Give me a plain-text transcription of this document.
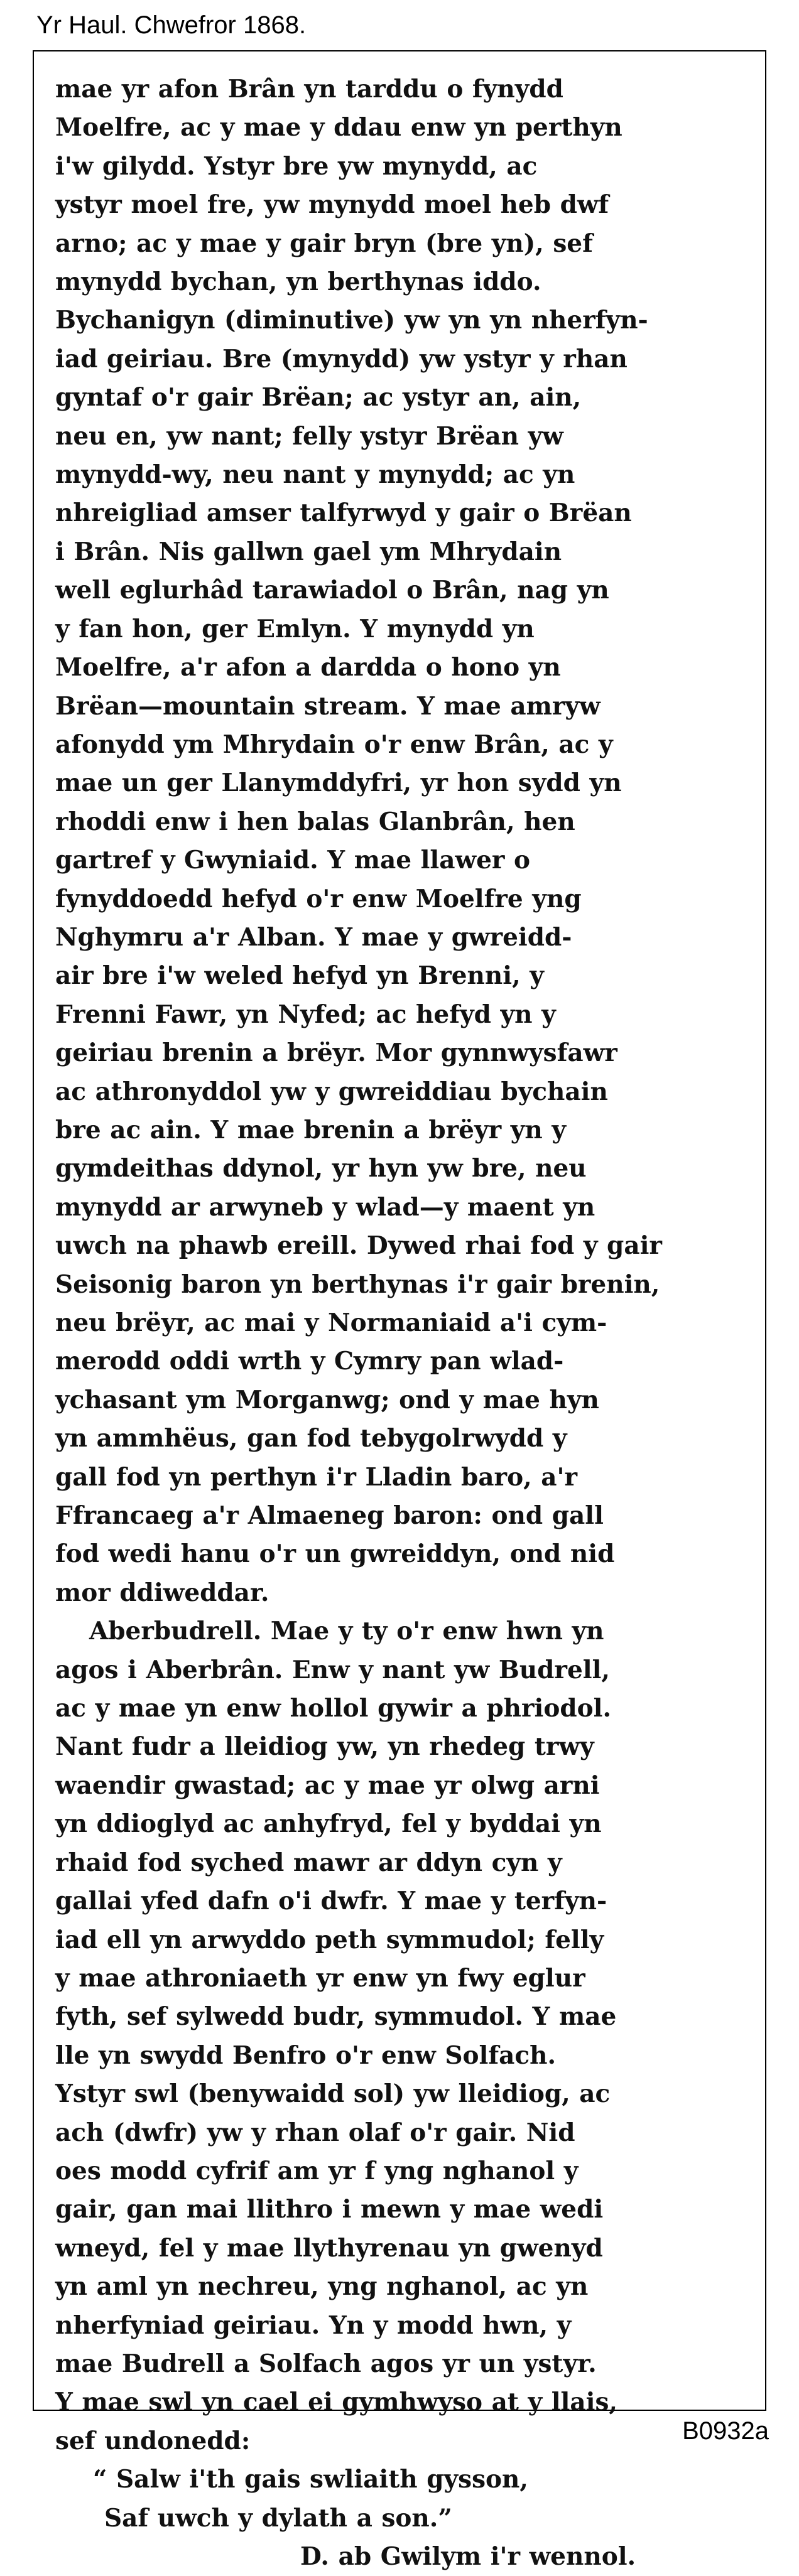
Yr Haul. Chwefror 1868.
mae yr afon Brân yn tarddu o fynydd
Moelfre, ac y mae y ddau enw yn perthyn
i'w gilydd. Ystyr bre yw mynydd, ac
ystyr moel fre, yw mynydd moel heb dwf
arno; ac y mae y gair bryn (bre yn), sef
mynydd bychan, yn berthynas iddo.
Bychanigyn (diminutive) yw yn yn nherfyn-
iad geiriau. Bre (mynydd) yw ystyr y rhan
gyntaf o'r gair Brëan; ac ystyr an, ain,
neu en, yw nant; felly ystyr Brëan yw
mynydd-wy, neu nant y mynydd; ac yn
nhreigliad amser talfyrwyd y gair o Brëan
i Brân. Nis gallwn gael ym Mhrydain
well eglurhâd tarawiadol o Brân, nag yn
y fan hon, ger Emlyn. Y mynydd yn
Moelfre, a'r afon a dardda o hono yn
Brëan—mountain stream. Y mae amryw
afonydd ym Mhrydain o'r enw Brân, ac y
mae un ger Llanymddyfri, yr hon sydd yn
rhoddi enw i hen balas Glanbrân, hen
gartref y Gwyniaid. Y mae llawer o
fynyddoedd hefyd o'r enw Moelfre yng
Nghymru a'r Alban. Y mae y gwreidd-
air bre i'w weled hefyd yn Brenni, y
Frenni Fawr, yn Nyfed; ac hefyd yn y
geiriau brenin a brëyr. Mor gynnwysfawr
ac athronyddol yw y gwreiddiau bychain
bre ac ain. Y mae brenin a brëyr yn y
gymdeithas ddynol, yr hyn yw bre, neu
mynydd ar arwyneb y wlad—y maent yn
uwch na phawb ereill. Dywed rhai fod y gair
Seisonig baron yn berthynas i'r gair brenin,
neu brëyr, ac mai y Normaniaid a'i cym-
merodd oddi wrth y Cymry pan wlad-
ychasant ym Morganwg; ond y mae hyn
yn ammhëus, gan fod tebygolrwydd y
gall fod yn perthyn i'r Lladin baro, a'r
Ffrancaeg a'r Almaeneg baron: ond gall
fod wedi hanu o'r un gwreiddyn, ond nid
mor ddiweddar.
Aberbudrell. Mae y ty o'r enw hwn yn
agos i Aberbrân. Enw y nant yw Budrell,
ac y mae yn enw hollol gywir a phriodol.
Nant fudr a lleidiog yw, yn rhedeg trwy
waendir gwastad; ac y mae yr olwg arni
yn ddioglyd ac anhyfryd, fel y byddai yn
rhaid fod syched mawr ar ddyn cyn y
gallai yfed dafn o'i dwfr. Y mae y terfyn-
iad ell yn arwyddo peth symmudol; felly
y mae athroniaeth yr enw yn fwy eglur
fyth, sef sylwedd budr, symmudol. Y mae
lle yn swydd Benfro o'r enw Solfach.
Ystyr swl (benywaidd sol) yw lleidiog, ac
ach (dwfr) yw y rhan olaf o'r gair. Nid
oes modd cyfrif am yr f yng nghanol y
gair, gan mai llithro i mewn y mae wedi
wneyd, fel y mae llythyrenau yn gwenyd
yn aml yn nechreu, yng nghanol, ac yn
nherfyniad geiriau. Yn y modd hwn, y
mae Budrell a Solfach agos yr un ystyr.
Y mae swl yn cael ei gymhwyso at y llais,
sef undonedd:
“ Salw i'th gais swliaith gysson,
Saf uwch y dylath a son.”
D. ab Gwilym i'r wennol.
B0932a
